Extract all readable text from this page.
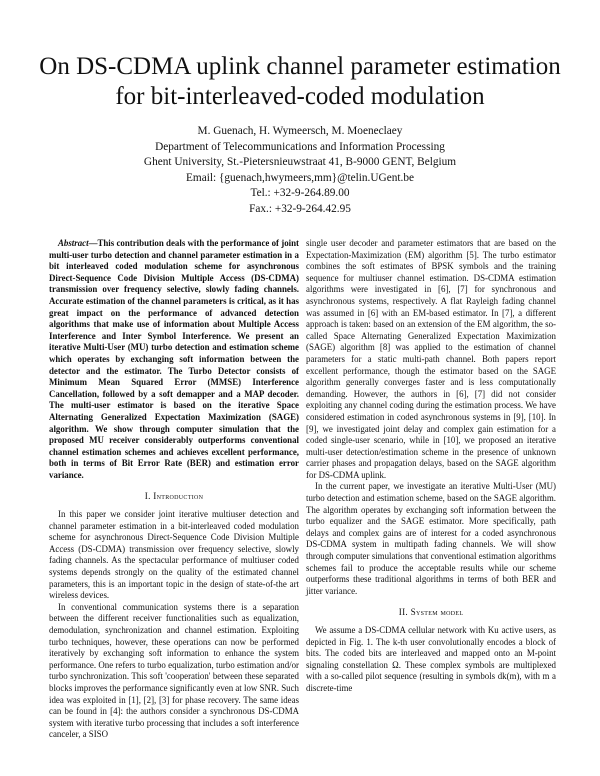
On DS-CDMA uplink channel parameter estimation for bit-interleaved-coded modulation
M. Guenach, H. Wymeersch, M. Moeneclaey
Department of Telecommunications and Information Processing
Ghent University, St.-Pietersnieuwstraat 41, B-9000 GENT, Belgium
Email: {guenach,hwymeers,mm}@telin.UGent.be
Tel.: +32-9-264.89.00
Fax.: +32-9-264.42.95

Abstract—This contribution deals with the performance of joint multi-user turbo detection and channel parameter estimation in a bit interleaved coded modulation scheme for asynchronous Direct-Sequence Code Division Multiple Access (DS-CDMA) transmission over frequency selective, slowly fading channels. Accurate estimation of the channel parameters is critical, as it has great impact on the performance of advanced detection algorithms that make use of information about Multiple Access Interference and Inter Symbol Interference. We present an iterative Multi-User (MU) turbo detection and estimation scheme which operates by exchanging soft information between the detector and the estimator. The Turbo Detector consists of Minimum Mean Squared Error (MMSE) Interference Cancellation, followed by a soft demapper and a MAP decoder. The multi-user estimator is based on the iterative Space Alternating Generalized Expectation Maximization (SAGE) algorithm. We show through computer simulation that the proposed MU receiver considerably outperforms conventional channel estimation schemes and achieves excellent performance, both in terms of Bit Error Rate (BER) and estimation error variance.

I. Introduction

In this paper we consider joint iterative multiuser detection and channel parameter estimation in a bit-interleaved coded modulation scheme for asynchronous Direct-Sequence Code Division Multiple Access (DS-CDMA) transmission over frequency selective, slowly fading channels. As the spectacular performance of multiuser coded systems depends strongly on the quality of the estimated channel parameters, this is an important topic in the design of state-of-the art wireless devices.

In conventional communication systems there is a separation between the different receiver functionalities such as equalization, demodulation, synchronization and channel estimation. Exploiting turbo techniques, however, these operations can now be performed iteratively by exchanging soft information to enhance the system performance. One refers to turbo equalization, turbo estimation and/or turbo synchronization. This soft 'cooperation' between these separated blocks improves the performance significantly even at low SNR. Such idea was exploited in [1], [2], [3] for phase recovery. The same ideas can be found in [4]: the authors consider a synchronous DS-CDMA system with iterative turbo processing that includes a soft interference canceler, a SISO

single user decoder and parameter estimators that are based on the Expectation-Maximization (EM) algorithm [5]. The turbo estimator combines the soft estimates of BPSK symbols and the training sequence for multiuser channel estimation. DS-CDMA estimation algorithms were investigated in [6], [7] for synchronous and asynchronous systems, respectively. A flat Rayleigh fading channel was assumed in [6] with an EM-based estimator. In [7], a different approach is taken: based on an extension of the EM algorithm, the so-called Space Alternating Generalized Expectation Maximization (SAGE) algorithm [8] was applied to the estimation of channel parameters for a static multi-path channel. Both papers report excellent performance, though the estimator based on the SAGE algorithm generally converges faster and is less computationally demanding. However, the authors in [6], [7] did not consider exploiting any channel coding during the estimation process. We have considered estimation in coded asynchronous systems in [9], [10]. In [9], we investigated joint delay and complex gain estimation for a coded single-user scenario, while in [10], we proposed an iterative multi-user detection/estimation scheme in the presence of unknown carrier phases and propagation delays, based on the SAGE algorithm for DS-CDMA uplink.

In the current paper, we investigate an iterative Multi-User (MU) turbo detection and estimation scheme, based on the SAGE algorithm. The algorithm operates by exchanging soft information between the turbo equalizer and the SAGE estimator. More specifically, path delays and complex gains are of interest for a coded asynchronous DS-CDMA system in multipath fading channels. We will show through computer simulations that conventional estimation algorithms schemes fail to produce the acceptable results while our scheme outperforms these traditional algorithms in terms of both BER and jitter variance.

II. System model

We assume a DS-CDMA cellular network with Ku active users, as depicted in Fig. 1. The k-th user convolutionally encodes a block of bits. The coded bits are interleaved and mapped onto an M-point signaling constellation Ω. These complex symbols are multiplexed with a so-called pilot sequence (resulting in symbols dk(m), with m a discrete-time
